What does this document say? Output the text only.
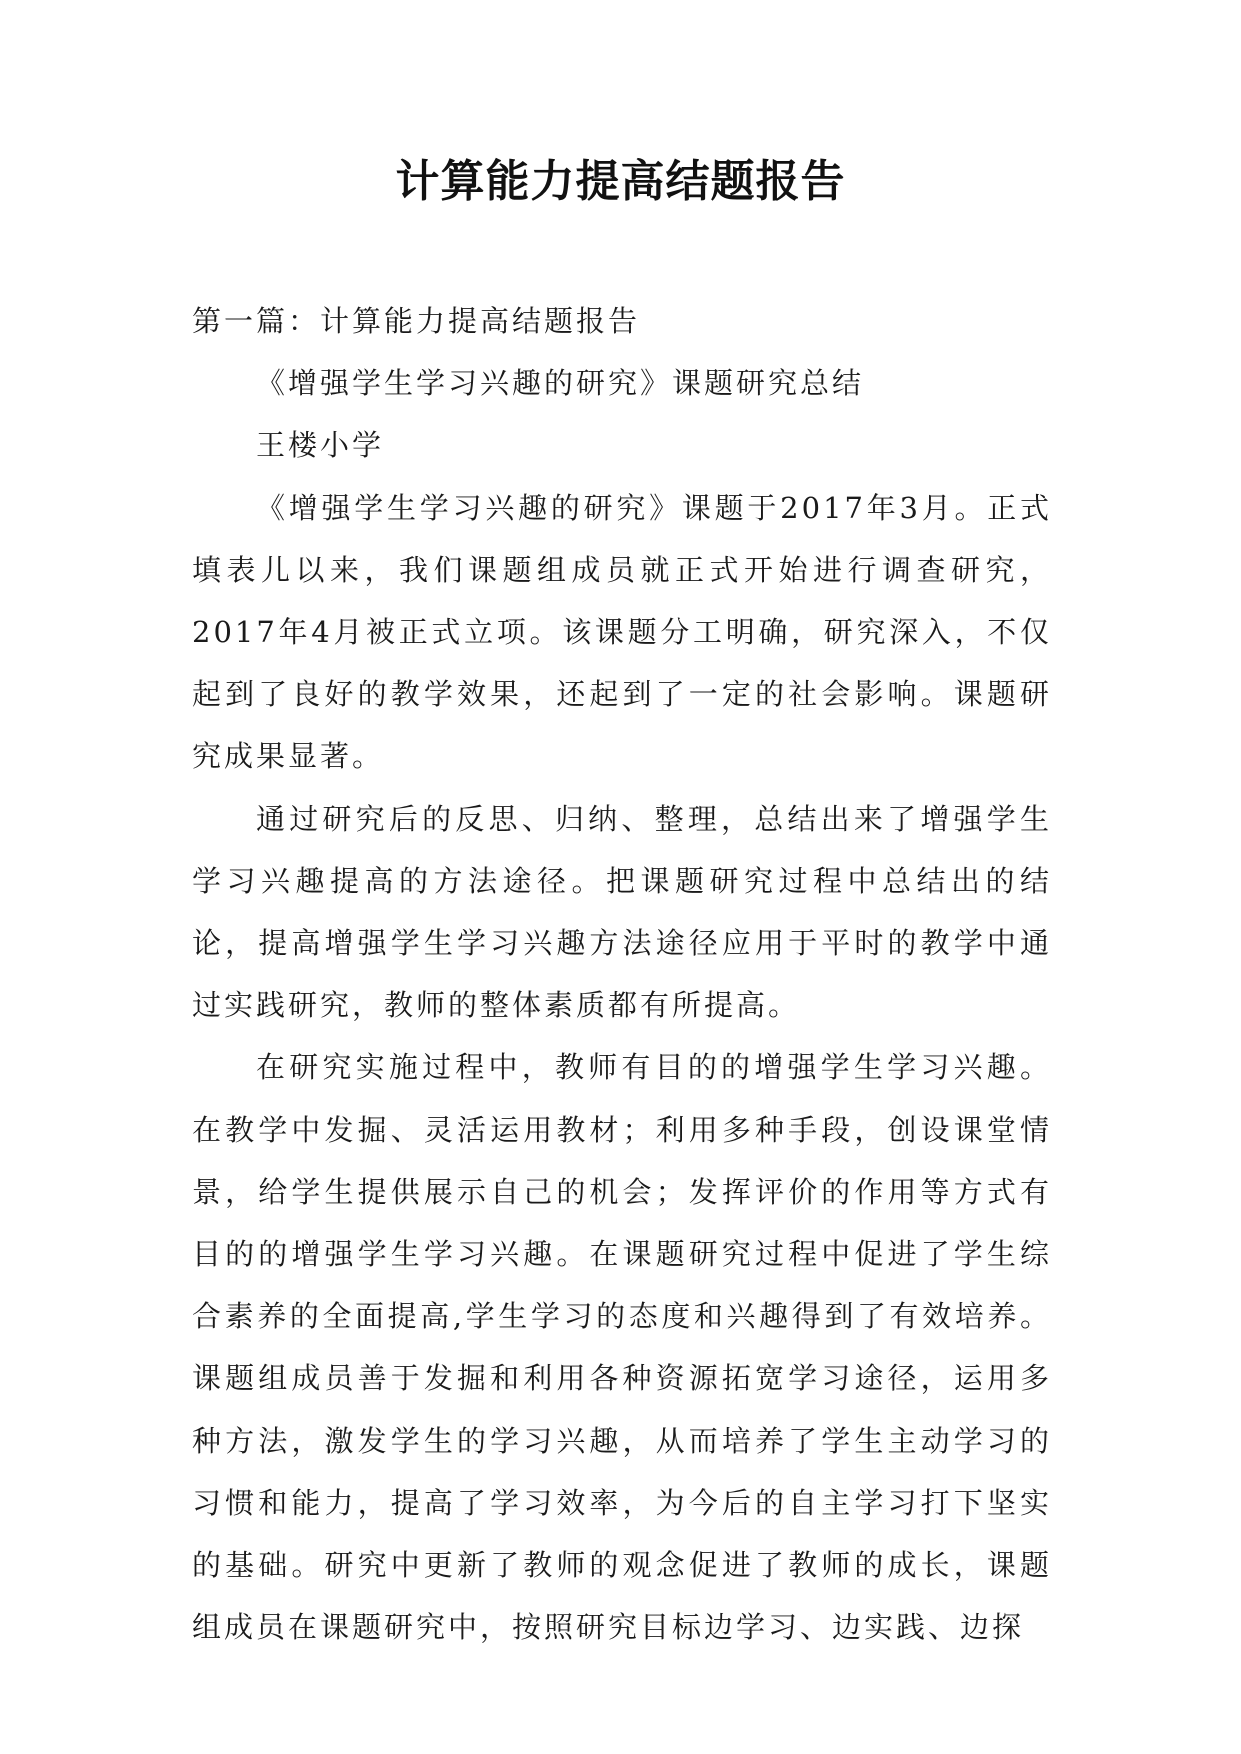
计算能力提高结题报告

第一篇：计算能力提高结题报告

《增强学生学习兴趣的研究》课题研究总结

王楼小学

《增强学生学习兴趣的研究》课题于2017年3月。正式填表儿以来，我们课题组成员就正式开始进行调查研究，2017年4月被正式立项。该课题分工明确，研究深入，不仅起到了良好的教学效果，还起到了一定的社会影响。课题研究成果显著。

通过研究后的反思、归纳、整理，总结出来了增强学生学习兴趣提高的方法途径。把课题研究过程中总结出的结论，提高增强学生学习兴趣方法途径应用于平时的教学中通过实践研究，教师的整体素质都有所提高。

在研究实施过程中，教师有目的的增强学生学习兴趣。在教学中发掘、灵活运用教材；利用多种手段，创设课堂情景，给学生提供展示自己的机会；发挥评价的作用等方式有目的的增强学生学习兴趣。在课题研究过程中促进了学生综合素养的全面提高,学生学习的态度和兴趣得到了有效培养。课题组成员善于发掘和利用各种资源拓宽学习途径，运用多种方法，激发学生的学习兴趣，从而培养了学生主动学习的习惯和能力，提高了学习效率，为今后的自主学习打下坚实的基础。研究中更新了教师的观念促进了教师的成长，课题组成员在课题研究中，按照研究目标边学习、边实践、边探
